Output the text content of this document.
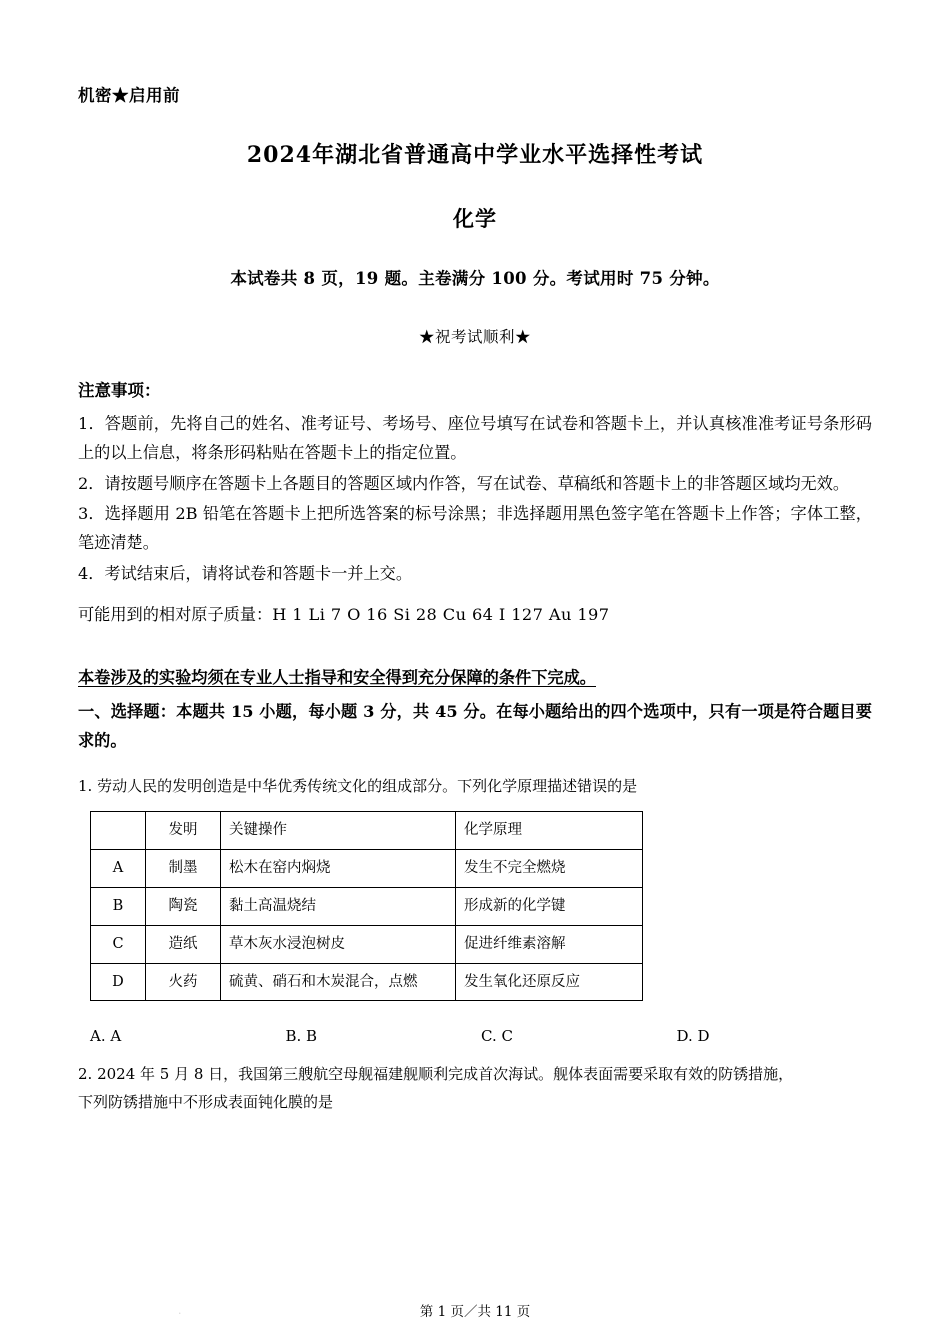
机密★启用前
2024年湖北省普通高中学业水平选择性考试
化学
本试卷共 8 页，19 题。主卷满分 100 分。考试用时 75 分钟。
★祝考试顺利★
注意事项：
1．答题前，先将自己的姓名、准考证号、考场号、座位号填写在试卷和答题卡上，并认真核准准考证号条形码上的以上信息，将条形码粘贴在答题卡上的指定位置。
2．请按题号顺序在答题卡上各题目的答题区域内作答，写在试卷、草稿纸和答题卡上的非答题区域均无效。
3．选择题用 2B 铅笔在答题卡上把所选答案的标号涂黑；非选择题用黑色签字笔在答题卡上作答；字体工整，笔迹清楚。
4．考试结束后，请将试卷和答题卡一并上交。
可能用到的相对原子质量：H 1 Li 7 O 16 Si 28 Cu 64 I 127 Au 197
本卷涉及的实验均须在专业人士指导和安全得到充分保障的条件下完成。
一、选择题：本题共 15 小题，每小题 3 分，共 45 分。在每小题给出的四个选项中，只有一项是符合题目要求的。
1. 劳动人民的发明创造是中华优秀传统文化的组成部分。下列化学原理描述错误的是
	发明	关键操作	化学原理
A	制墨	松木在窑内焖烧	发生不完全燃烧
B	陶瓷	黏土高温烧结	形成新的化学键
C	造纸	草木灰水浸泡树皮	促进纤维素溶解
D	火药	硫黄、硝石和木炭混合，点燃	发生氧化还原反应
A. A	B. B	C. C	D. D
2. 2024 年 5 月 8 日，我国第三艘航空母舰福建舰顺利完成首次海试。舰体表面需要采取有效的防锈措施，
下列防锈措施中不形成表面钝化膜的是
·	第 1 页／共 11 页
